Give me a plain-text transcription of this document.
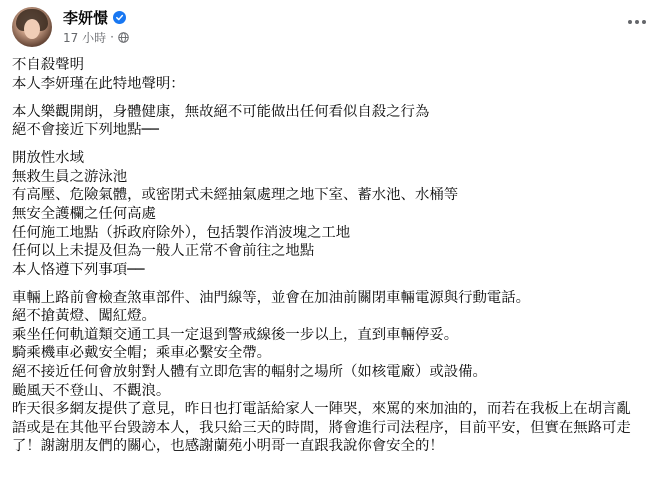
李妍憬
17 小時 ·
不自殺聲明
本人李妍瑾在此特地聲明：
本人樂觀開朗，身體健康，無故絕不可能做出任何看似自殺之行為
絕不會接近下列地點──
開放性水域
無救生員之游泳池
有高壓、危險氣體，或密閉式未經抽氣處理之地下室、蓄水池、水桶等
無安全護欄之任何高處
任何施工地點（拆政府除外），包括製作消波塊之工地
任何以上未提及但為一般人正常不會前往之地點
本人恪遵下列事項──
車輛上路前會檢查煞車部件、油門線等，並會在加油前關閉車輛電源與行動電話。
絕不搶黃燈、闖紅燈。
乘坐任何軌道類交通工具一定退到警戒線後一步以上，直到車輛停妥。
騎乘機車必戴安全帽；乘車必繫安全帶。
絕不接近任何會放射對人體有立即危害的輻射之場所（如核電廠）或設備。
颱風天不登山、不觀浪。
昨天很多網友提供了意見，昨日也打電話給家人一陣哭，來罵的來加油的，而若在我板上在胡言亂
語或是在其他平台毀謗本人，我只給三天的時間，將會進行司法程序，目前平安，但實在無路可走
了！謝謝朋友們的關心，也感謝蘭苑小明哥一直跟我說你會安全的！
